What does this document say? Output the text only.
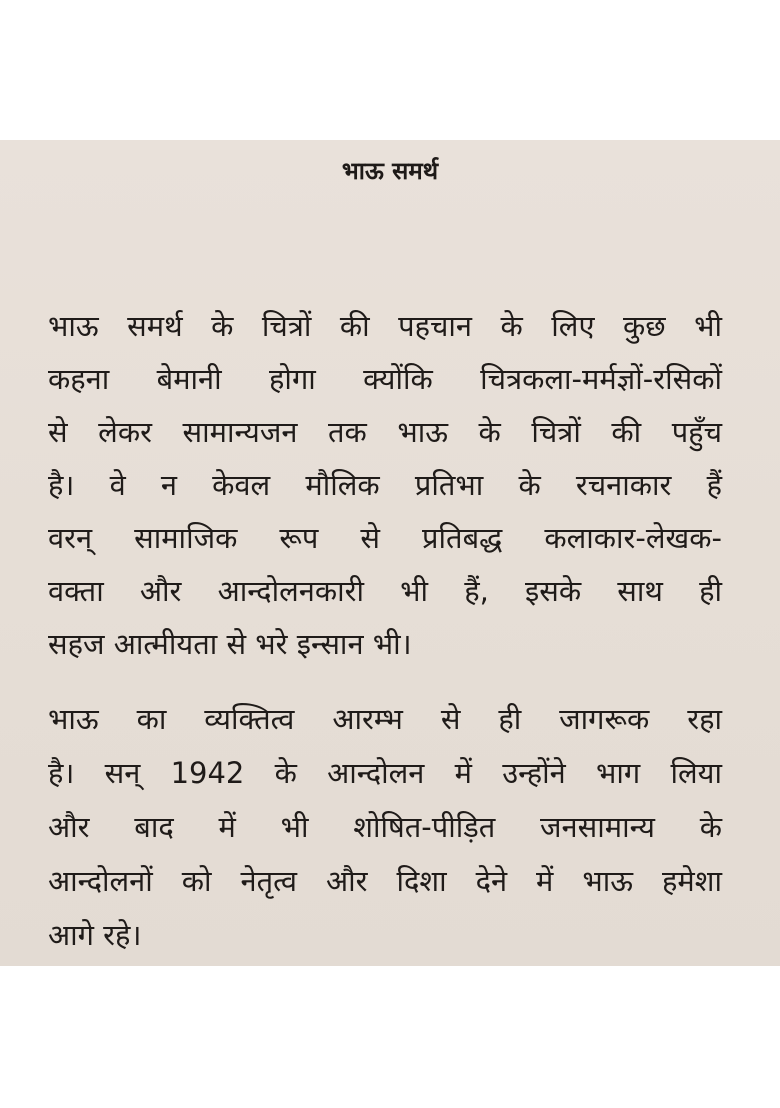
भाऊ समर्थ
भाऊ समर्थ के चित्रों की पहचान के लिए कुछ भी
कहना बेमानी होगा क्योंकि चित्रकला-मर्मज्ञों-रसिकों
से लेकर सामान्यजन तक भाऊ के चित्रों की पहुँच
है। वे न केवल मौलिक प्रतिभा के रचनाकार हैं
वरन् सामाजिक रूप से प्रतिबद्ध कलाकार-लेखक-
वक्ता और आन्दोलनकारी भी हैं, इसके साथ ही
सहज आत्मीयता से भरे इन्सान भी।
भाऊ का व्यक्तित्व आरम्भ से ही जागरूक रहा
है। सन् 1942 के आन्दोलन में उन्होंने भाग लिया
और बाद में भी शोषित-पीड़ित जनसामान्य के
आन्दोलनों को नेतृत्व और दिशा देने में भाऊ हमेशा
आगे रहे।
